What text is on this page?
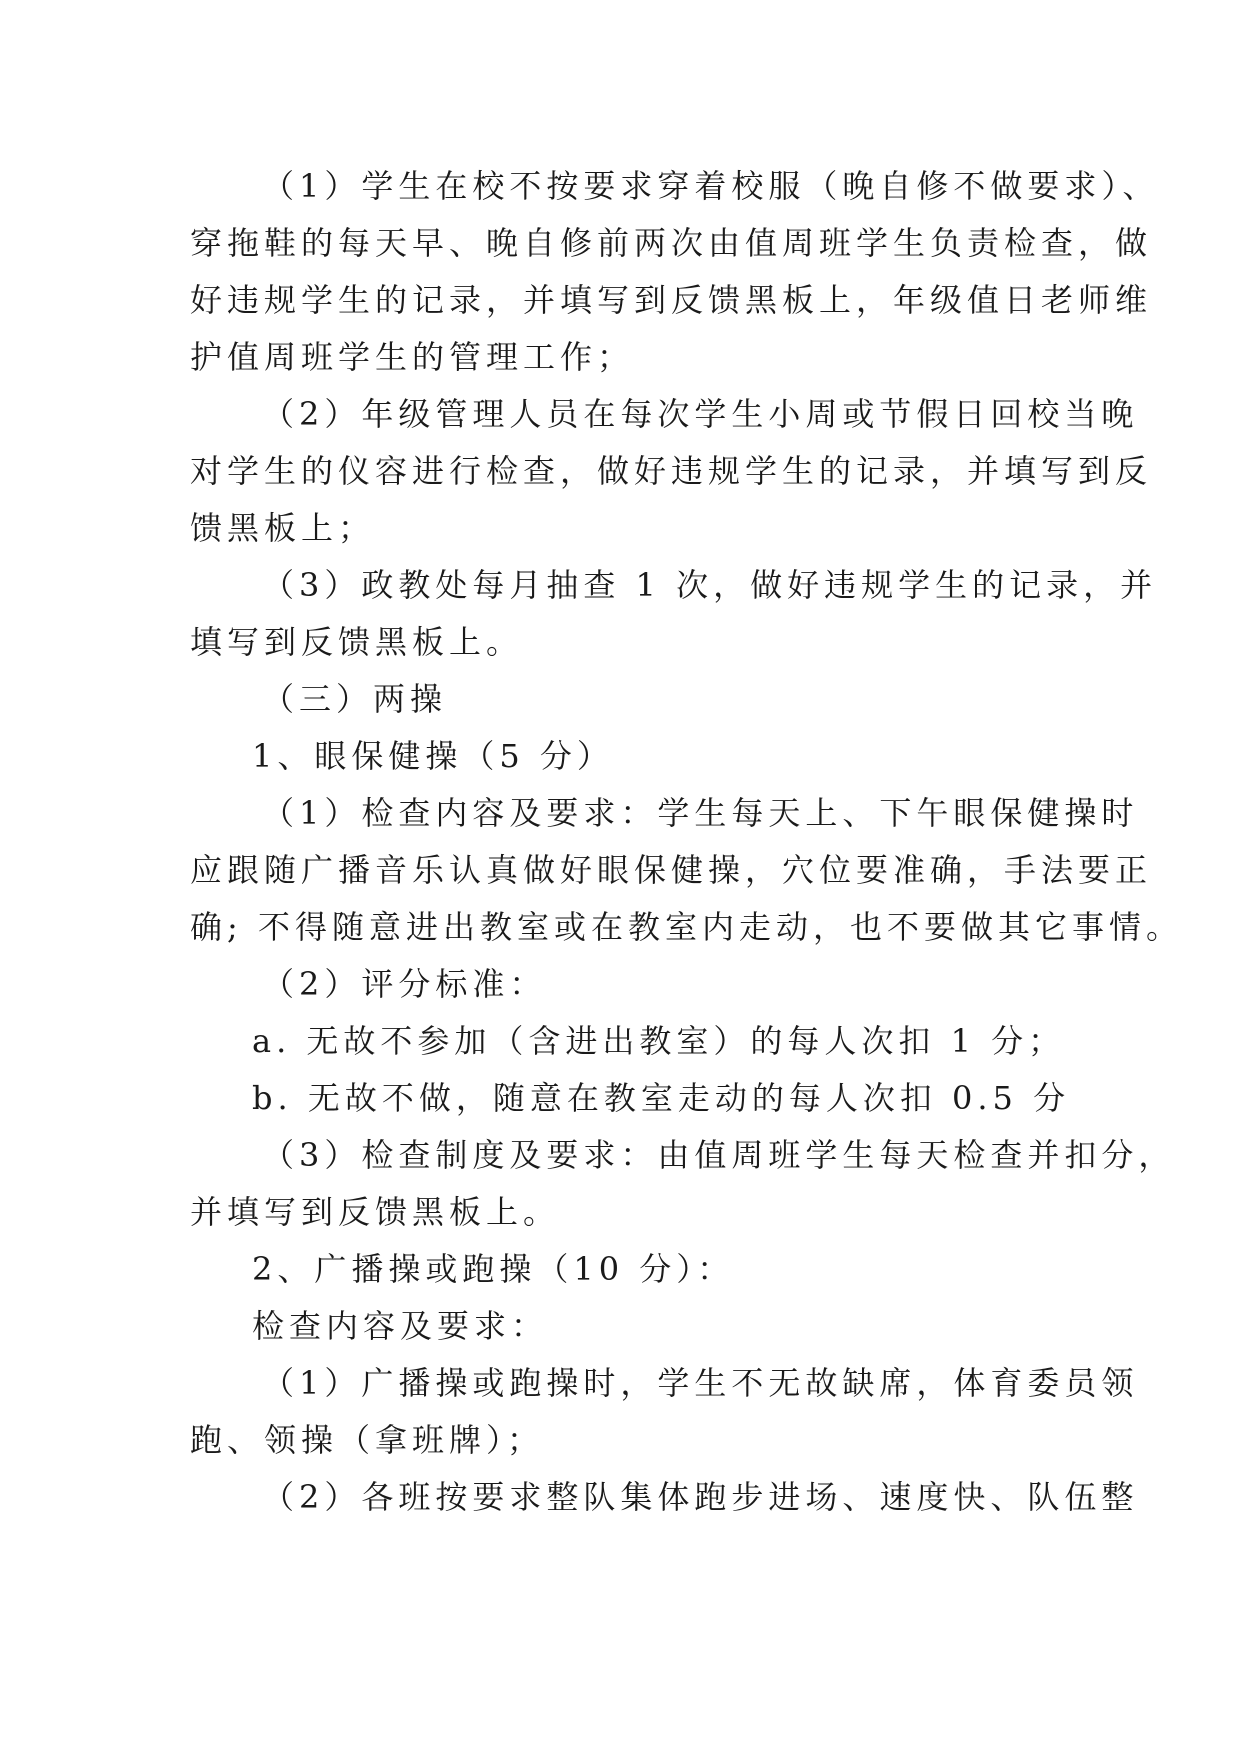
（1）学生在校不按要求穿着校服（晚自修不做要求）、

穿拖鞋的每天早、晚自修前两次由值周班学生负责检查，做

好违规学生的记录，并填写到反馈黑板上，年级值日老师维

护值周班学生的管理工作；

（2）年级管理人员在每次学生小周或节假日回校当晚

对学生的仪容进行检查，做好违规学生的记录，并填写到反

馈黑板上；

（3）政教处每月抽查 1 次，做好违规学生的记录，并

填写到反馈黑板上。

（三）两操

1、眼保健操（5 分）

（1）检查内容及要求：学生每天上、下午眼保健操时

应跟随广播音乐认真做好眼保健操，穴位要准确，手法要正

确; 不得随意进出教室或在教室内走动，也不要做其它事情。

（2）评分标准：

a. 无故不参加（含进出教室）的每人次扣 1 分；

b. 无故不做，随意在教室走动的每人次扣 0.5 分

（3）检查制度及要求：由值周班学生每天检查并扣分，

并填写到反馈黑板上。

2、广播操或跑操（10 分）：

检查内容及要求：

（1）广播操或跑操时，学生不无故缺席，体育委员领

跑、领操（拿班牌）；

（2）各班按要求整队集体跑步进场、速度快、队伍整
